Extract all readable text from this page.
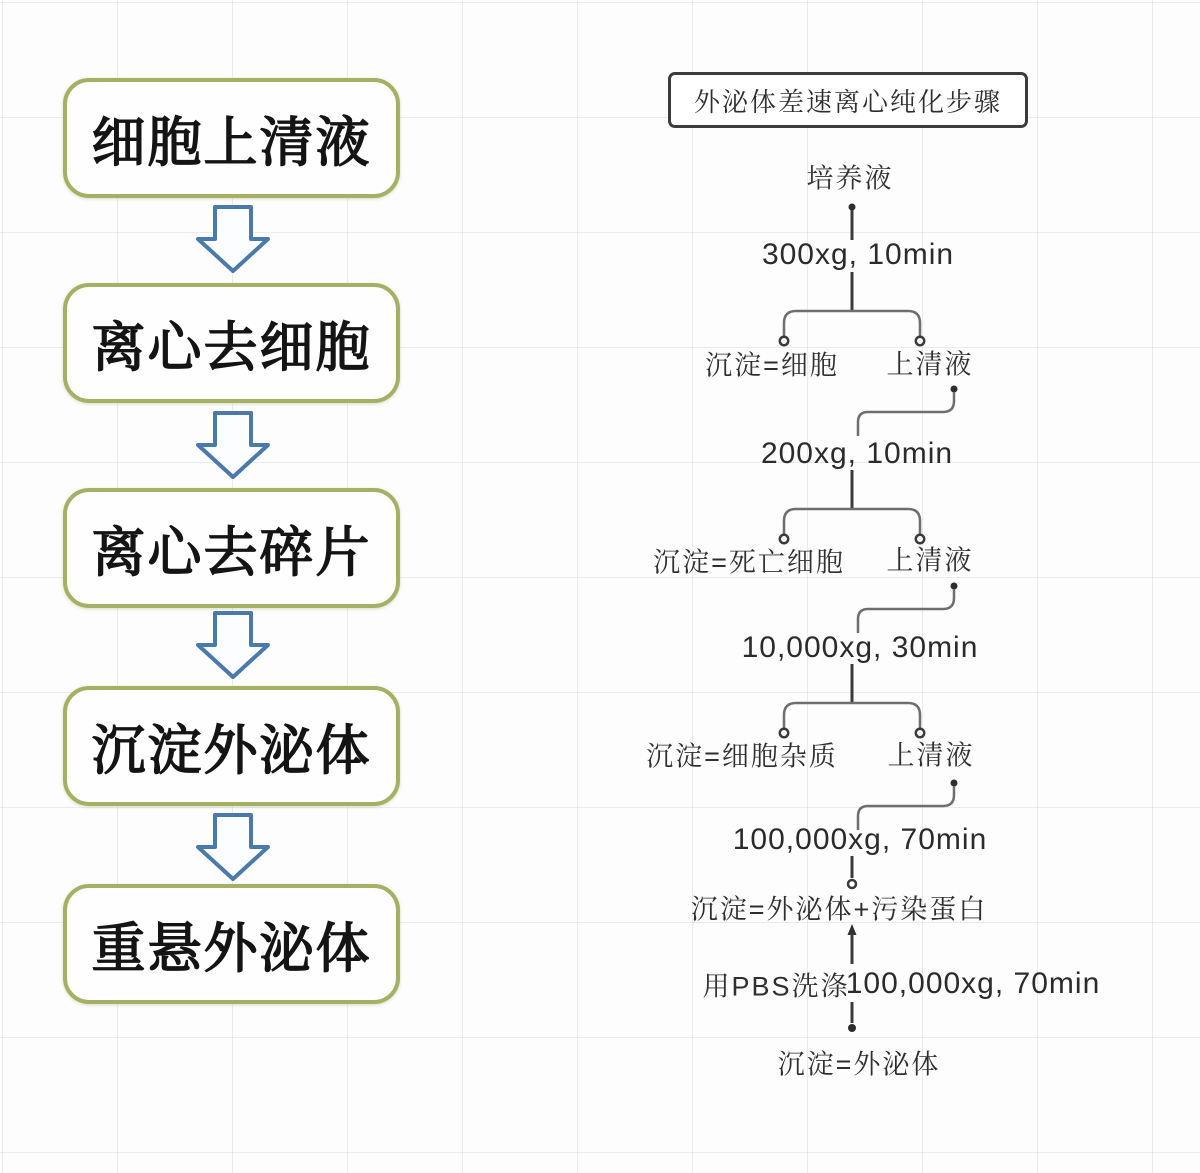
细胞上清液
离心去细胞
离心去碎片
沉淀外泌体
重悬外泌体
外泌体差速离心纯化步骤
培养液
300xg, 10min
沉淀=细胞 上清液
200xg, 10min
沉淀=死亡细胞 上清液
10,000xg, 30min
沉淀=细胞杂质 上清液
100,000xg, 70min
沉淀=外泌体+污染蛋白
用PBS洗涤
100,000xg, 70min
沉淀=外泌体
